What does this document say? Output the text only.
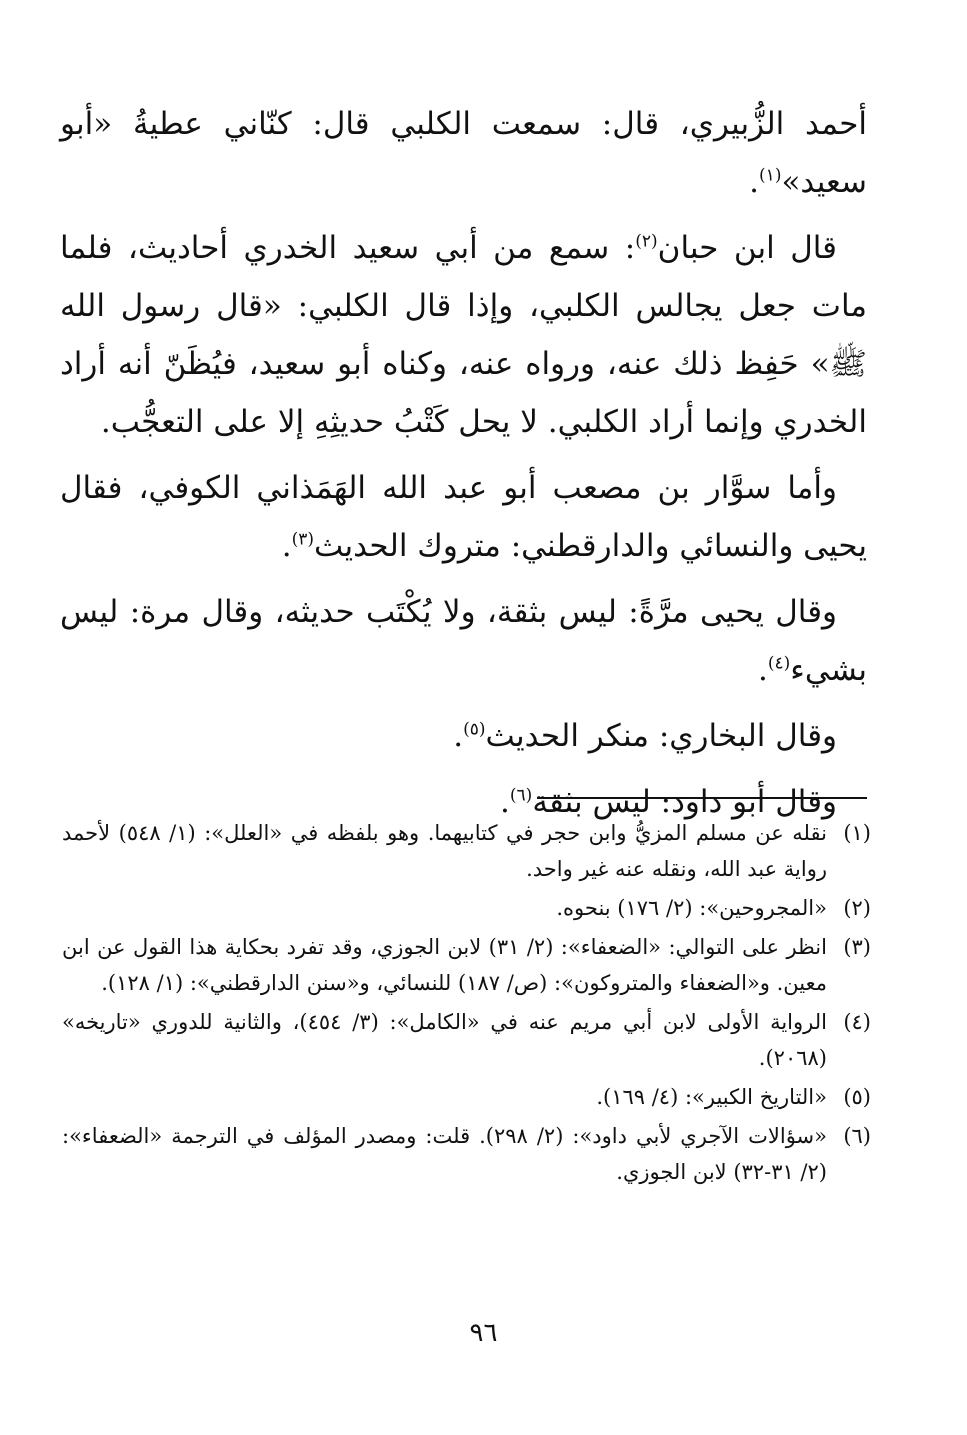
أحمد الزُّبيري، قال: سمعت الكلبي قال: كنّاني عطيةُ «أبو سعيد»$^{(١)}$.

قال ابن حبان$^{(٢)}$: سمع من أبي سعيد الخدري أحاديث، فلما مات جعل يجالس الكلبي، وإذا قال الكلبي: «قال رسول الله ﷺ» حَفِظ ذلك عنه، ورواه عنه، وكناه أبو سعيد، فيُظَنّ أنه أراد الخدري وإنما أراد الكلبي. لا يحل كَتْبُ حديثِهِ إلا على التعجُّب.

وأما سوَّار بن مصعب أبو عبد الله الهَمَذاني الكوفي، فقال يحيى والنسائي والدارقطني: متروك الحديث$^{(٣)}$.

وقال يحيى مرَّةً: ليس بثقة، ولا يُكْتَب حديثه، وقال مرة: ليس بشيء$^{(٤)}$.

وقال البخاري: منكر الحديث$^{(٥)}$.

وقال أبو داود: ليس بثقة$^{(٦)}$.

(١)
نقله عن مسلم المزيُّ وابن حجر في كتابيهما. وهو بلفظه في «العلل»: (١/ ٥٤٨) لأحمد رواية عبد الله، ونقله عنه غير واحد.
(٢)
«المجروحين»: (٢/ ١٧٦) بنحوه.
(٣)
انظر على التوالي: «الضعفاء»: (٢/ ٣١) لابن الجوزي، وقد تفرد بحكاية هذا القول عن ابن معين. و«الضعفاء والمتروكون»: (ص/ ١٨٧) للنسائي، و«سنن الدارقطني»: (١/ ١٢٨).
(٤)
الرواية الأولى لابن أبي مريم عنه في «الكامل»: (٣/ ٤٥٤)، والثانية للدوري «تاريخه» (٢٠٦٨).
(٥)
«التاريخ الكبير»: (٤/ ١٦٩).
(٦)
«سؤالات الآجري لأبي داود»: (٢/ ٢٩٨). قلت: ومصدر المؤلف في الترجمة «الضعفاء»: (٢/ ٣١-٣٢) لابن الجوزي.
٩٦
